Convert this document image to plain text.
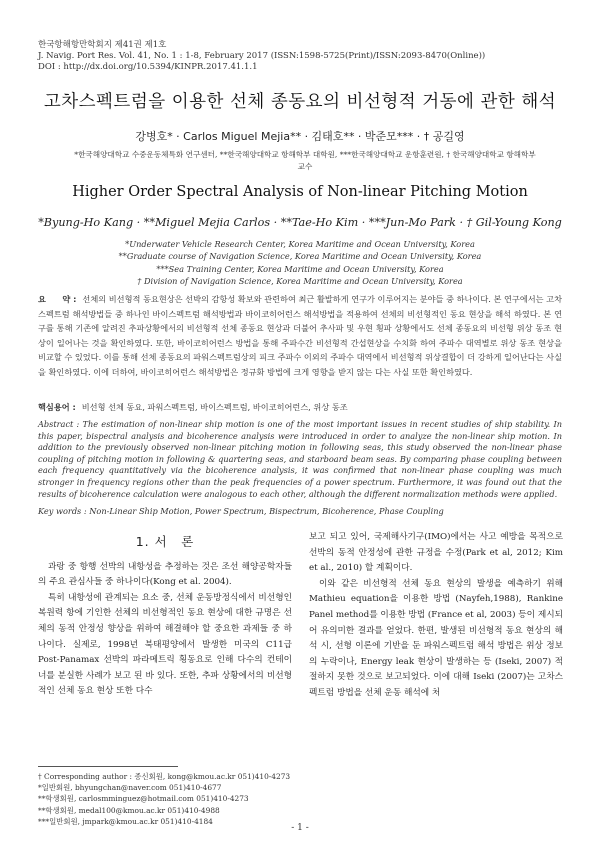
한국항해항만학회지 제41권 제1호
J. Navig. Port Res. Vol. 41, No. 1 : 1-8, February 2017 (ISSN:1598-5725(Print)/ISSN:2093-8470(Online))
DOI : http://dx.doi.org/10.5394/KINPR.2017.41.1.1
고차스펙트럼을 이용한 선체 종동요의 비선형적 거동에 관한 해석
강병호* · Carlos Miguel Mejia** · 김태호** · 박준모*** · † 공길영
*한국해양대학교 수중운동체특화 연구센터, **한국해양대학교 항해학부 대학원, ***한국해양대학교 운항훈련원, † 한국해양대학교 항해학부
교수
Higher Order Spectral Analysis of Non-linear Pitching Motion
*Byung-Ho Kang · **Miguel Mejia Carlos · **Tae-Ho Kim · ***Jun-Mo Park · † Gil-Young Kong
*Underwater Vehicle Research Center, Korea Maritime and Ocean University, Korea
**Graduate course of Navigation Science, Korea Maritime and Ocean University, Korea
***Sea Training Center, Korea Maritime and Ocean University, Korea
† Division of Navigation Science, Korea Maritime and Ocean University, Korea
요　　약 : 선체의 비선형적 동요현상은 선박의 감항성 확보와 관련하여 최근 활발하게 연구가 이루어지는 분야들 중 하나이다. 본 연구에서는 고차 스펙트럼 해석방법들 중 하나인 바이스펙트럼 해석방법과 바이코히어런스 해석방법을 적용하여 선체의 비선형적인 동요 현상을 해석 하였다. 본 연구를 통해 기존에 알려진 추파상황에서의 비선형적 선체 종동요 현상과 더불어 추사파 및 우현 횡파 상황에서도 선체 종동요의 비선형 위상 동조 현상이 일어나는 것을 확인하였다. 또한, 바이코히어런스 방법을 통해 주파수간 비선형적 간섭현상을 수치화 하여 주파수 대역별로 위상 동조 현상을 비교할 수 있었다. 이를 통해 선체 종동요의 파워스펙트럼상의 피크 주파수 이외의 주파수 대역에서 비선형적 위상결합이 더 강하게 일어난다는 사실을 확인하였다. 이에 더하여, 바이코히어런스 해석방법은 정규화 방법에 크게 영향을 받지 않는 다는 사실 또한 확인하였다.
핵심용어 : 비선형 선체 동요, 파워스펙트럼, 바이스펙트럼, 바이코히어런스, 위상 동조
Abstract : The estimation of non-linear ship motion is one of the most important issues in recent studies of ship stability. In this paper, bispectral analysis and bicoherence analysis were introduced in order to analyze the non-linear ship motion. In addition to the previously observed non-linear pitching motion in following seas, this study observed the non-linear phase coupling of pitching motion in following & quartering seas, and starboard beam seas. By comparing phase coupling between each frequency quantitatively via the bicoherence analysis, it was confirmed that non-linear phase coupling was much stronger in frequency regions other than the peak frequencies of a power spectrum. Furthermore, it was found out that the results of bicoherence calculation were analogous to each other, although the different normalization methods were applied.
Key words : Non-Linear Ship Motion, Power Spectrum, Bispectrum, Bicoherence, Phase Coupling
1. 서　론

과랑 중 항행 선박의 내항성을 추정하는 것은 조선 해양공학자들의 주요 관심사들 중 하나이다(Kong et al. 2004).

특히 내항성에 관계되는 요소 중, 선체 운동방정식에서 비선형인 복원력 항에 기인한 선체의 비선형적인 동요 현상에 대한 규명은 선체의 동적 안정성 향상을 위하여 해결해야 할 중요한 과제들 중 하나이다. 실제로, 1998년 북태평양에서 발생한 미국의 C11급 Post-Panamax 선박의 파라메트릭 횡동요로 인해 다수의 컨테이너를 분실한 사례가 보고 된 바 있다. 또한, 추파 상황에서의 비선형적인 선체 동요 현상 또한 다수

보고 되고 있어, 국제해사기구(IMO)에서는 사고 예방을 목적으로 선박의 동적 안정성에 관한 규정을 수정(Park et al, 2012; Kim et al., 2010) 할 계획이다.

이와 같은 비선형적 선체 동요 현상의 발생을 예측하기 위해 Mathieu equation을 이용한 방법 (Nayfeh,1988), Rankine Panel method를 이용한 방법 (France et al, 2003) 등이 제시되어 유의미한 결과를 얻었다. 한편, 발생된 비선형적 동요 현상의 해석 시, 선형 이론에 기반을 둔 파워스펙트럼 해석 방법은 위상 정보의 누락이나, Energy leak 현상이 발생하는 등 (Iseki, 2007) 적절하지 못한 것으로 보고되었다. 이에 대해 Iseki (2007)는 고차스펙트럼 방법을 선체 운동 해석에 처

† Corresponding author : 종신회원, kong@kmou.ac.kr 051)410-4273
*일반회원, bhyungchan@naver.com 051)410-4677
**학생회원, carlosmminguez@hotmail.com 051)410-4273
**학생회원, medal100@kmou.ac.kr 051)410-4988
***일반회원, jmpark@kmou.ac.kr 051)410-4184
- 1 -
